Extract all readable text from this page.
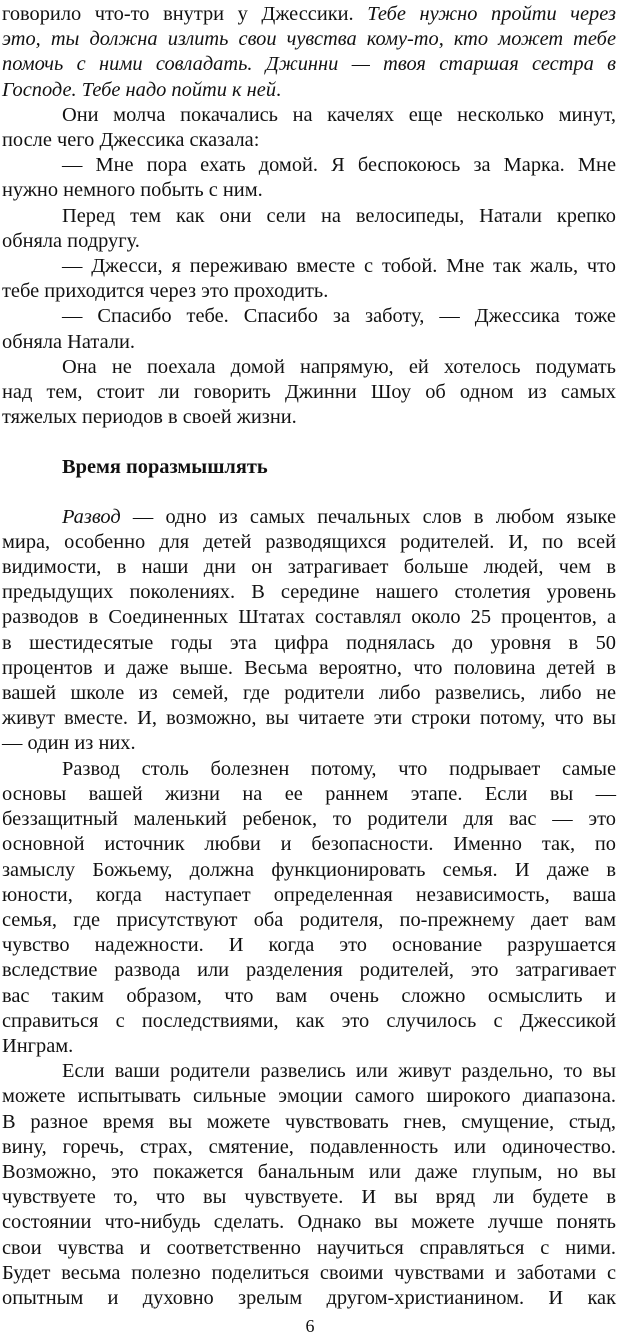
говорило что-то внутри у Джессики. Тебе нужно пройти через
это, ты должна излить свои чувства кому-то, кто может тебе
помочь с ними совладать. Джинни — твоя старшая сестра в
Господе. Тебе надо пойти к ней.
Они молча покачались на качелях еще несколько минут,
после чего Джессика сказала:
— Мне пора ехать домой. Я беспокоюсь за Марка. Мне
нужно немного побыть с ним.
Перед тем как они сели на велосипеды, Натали крепко
обняла подругу.
— Джесси, я переживаю вместе с тобой. Мне так жаль, что
тебе приходится через это проходить.
— Спасибо тебе. Спасибо за заботу, — Джессика тоже
обняла Натали.
Она не поехала домой напрямую, ей хотелось подумать
над тем, стоит ли говорить Джинни Шоу об одном из самых
тяжелых периодов в своей жизни.
Время поразмышлять
Развод — одно из самых печальных слов в любом языке
мира, особенно для детей разводящихся родителей. И, по всей
видимости, в наши дни он затрагивает больше людей, чем в
предыдущих поколениях. В середине нашего столетия уровень
разводов в Соединенных Штатах составлял около 25 процентов, а
в шестидесятые годы эта цифра поднялась до уровня в 50
процентов и даже выше. Весьма вероятно, что половина детей в
вашей школе из семей, где родители либо развелись, либо не
живут вместе. И, возможно, вы читаете эти строки потому, что вы
— один из них.
Развод столь болезнен потому, что подрывает самые
основы вашей жизни на ее раннем этапе. Если вы —
беззащитный маленький ребенок, то родители для вас — это
основной источник любви и безопасности. Именно так, по
замыслу Божьему, должна функционировать семья. И даже в
юности, когда наступает определенная независимость, ваша
семья, где присутствуют оба родителя, по-прежнему дает вам
чувство надежности. И когда это основание разрушается
вследствие развода или разделения родителей, это затрагивает
вас таким образом, что вам очень сложно осмыслить и
справиться с последствиями, как это случилось с Джессикой
Инграм.
Если ваши родители развелись или живут раздельно, то вы
можете испытывать сильные эмоции самого широкого диапазона.
В разное время вы можете чувствовать гнев, смущение, стыд,
вину, горечь, страх, смятение, подавленность или одиночество.
Возможно, это покажется банальным или даже глупым, но вы
чувствуете то, что вы чувствуете. И вы вряд ли будете в
состоянии что-нибудь сделать. Однако вы можете лучше понять
свои чувства и соответственно научиться справляться с ними.
Будет весьма полезно поделиться своими чувствами и заботами с
опытным и духовно зрелым другом-христианином. И как
6
